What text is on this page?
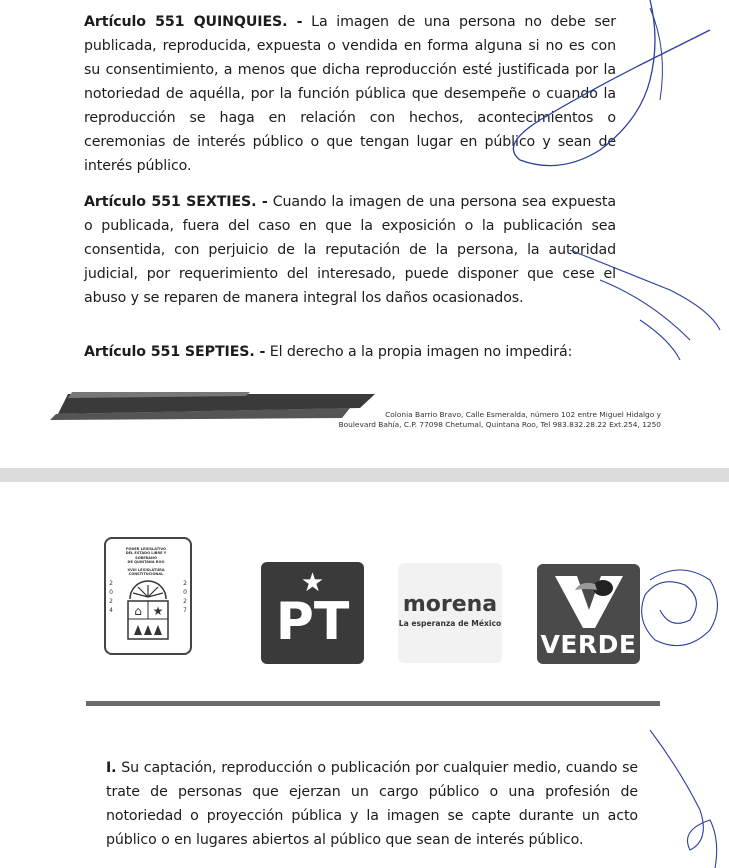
Artículo 551 QUINQUIES. - La imagen de una persona no debe ser publicada, reproducida, expuesta o vendida en forma alguna si no es con su consentimiento, a menos que dicha reproducción esté justificada por la notoriedad de aquélla, por la función pública que desempeñe o cuando la reproducción se haga en relación con hechos, acontecimientos o ceremonias de interés público o que tengan lugar en público y sean de interés público.
Artículo 551 SEXTIES. - Cuando la imagen de una persona sea expuesta o publicada, fuera del caso en que la exposición o la publicación sea consentida, con perjuicio de la reputación de la persona, la autoridad judicial, por requerimiento del interesado, puede disponer que cese el abuso y se reparen de manera integral los daños ocasionados.
Artículo 551 SEPTIES. - El derecho a la propia imagen no impedirá:
Colonia Barrio Bravo, Calle Esmeralda, número 102 entre Miguel Hidalgo y
Boulevard Bahía, C.P. 77098 Chetumal, Quintana Roo, Tel 983.832.28.22 Ext.254, 1250
PODER LEGISLATIVO
DEL ESTADO LIBRE Y SOBERANO
DE QUINTANA ROO
XVIII LEGISLATURA CONSTITUCIONAL
2
0
2
4
2
0
2
7
⌂ ★
★
PT	morena
La esperanza de México
VERDE
I. Su captación, reproducción o publicación por cualquier medio, cuando se trate de personas que ejerzan un cargo público o una profesión de notoriedad o proyección pública y la imagen se capte durante un acto público o en lugares abiertos al público que sean de interés público.
